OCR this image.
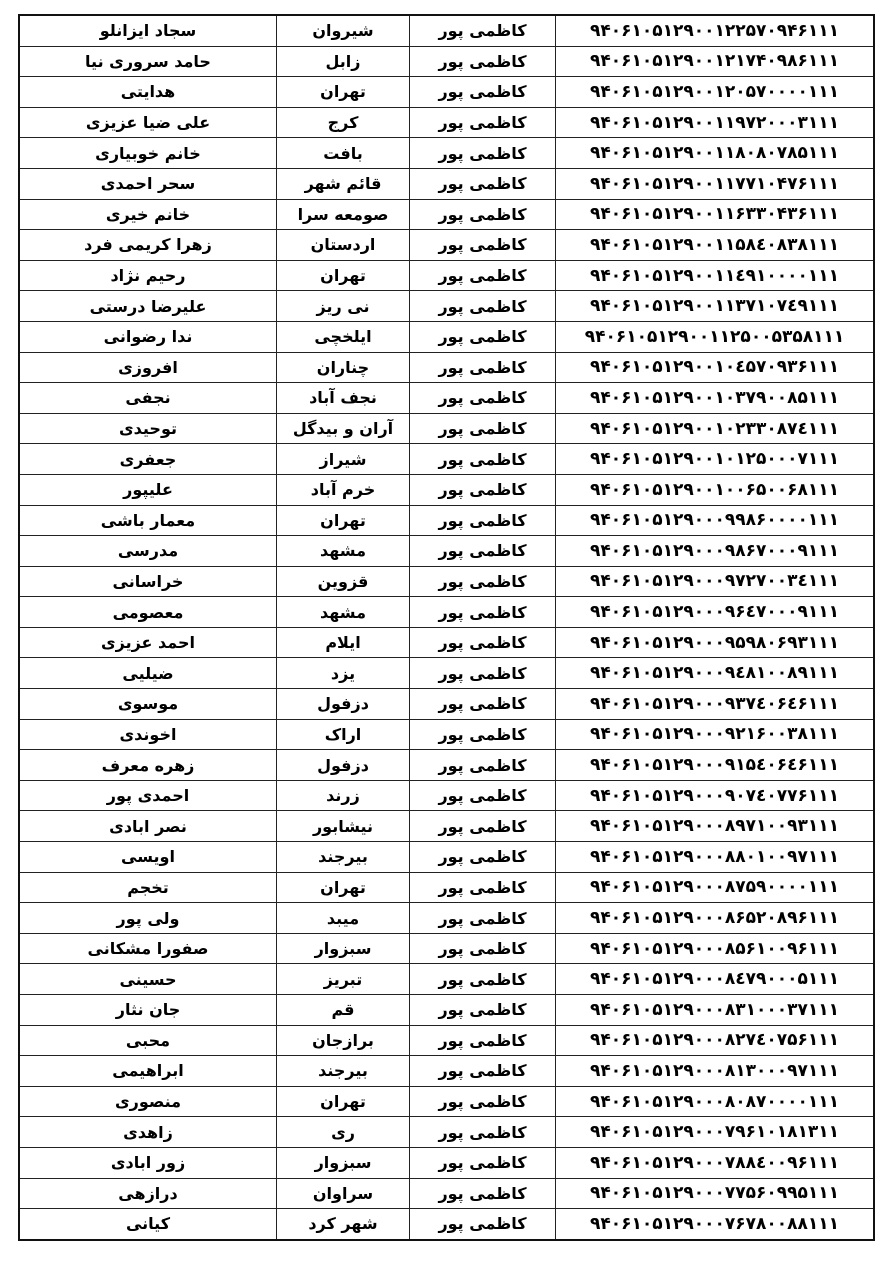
سجاد ایزانلو	شیروان	کاظمی پور	۹۴۰۶۱۰۵۱۲۹۰۰۱۲۲۵۷۰۹۴۶۱۱۱
حامد سروری نیا	زابل	کاظمی پور	۹۴۰۶۱۰۵۱۲۹۰۰۱۲۱۷۴۰۹۸۶۱۱۱
هدایتی	تهران	کاظمی پور	۹۴۰۶۱۰۵۱۲۹۰۰۱۲۰۵۷۰۰۰۰۱۱۱
علی ضیا عزیزی	کرج	کاظمی پور	۹۴۰۶۱۰۵۱۲۹۰۰۱۱۹۷۲۰۰۰۳۱۱۱
خانم خوبیاری	بافت	کاظمی پور	۹۴۰۶۱۰۵۱۲۹۰۰۱۱۸۰۸۰۷۸۵۱۱۱
سحر احمدی	قائم شهر	کاظمی پور	۹۴۰۶۱۰۵۱۲۹۰۰۱۱۷۷۱۰۴۷۶۱۱۱
خانم خیری	صومعه سرا	کاظمی پور	۹۴۰۶۱۰۵۱۲۹۰۰۱۱۶۳۳۰۴۳۶۱۱۱
زهرا کریمی فرد	اردستان	کاظمی پور	۹۴۰۶۱۰۵۱۲۹۰۰۱۱۵۸٤۰۸۳۸۱۱۱
رحیم نژاد	تهران	کاظمی پور	۹۴۰۶۱۰۵۱۲۹۰۰۱۱٤۹۱۰۰۰۰۱۱۱
علیرضا درستی	نی ریز	کاظمی پور	۹۴۰۶۱۰۵۱۲۹۰۰۱۱۳۷۱۰۷٤۹۱۱۱
ندا رضوانی	ایلخچی	کاظمی پور	۹۴۰۶۱۰۵۱۲۹۰۰۱۱۲۵۰۰۵۳۵۸۱۱۱
افروزی	چناران	کاظمی پور	۹۴۰۶۱۰۵۱۲۹۰۰۱۰٤۵۷۰۹۳۶۱۱۱
نجفی	نجف آباد	کاظمی پور	۹۴۰۶۱۰۵۱۲۹۰۰۱۰۳۷۹۰۰۸۵۱۱۱
توحیدی	آران و بیدگل	کاظمی پور	۹۴۰۶۱۰۵۱۲۹۰۰۱۰۲۳۳۰۸۷٤۱۱۱
جعفری	شیراز	کاظمی پور	۹۴۰۶۱۰۵۱۲۹۰۰۱۰۱۲۵۰۰۰۷۱۱۱
علیپور	خرم آباد	کاظمی پور	۹۴۰۶۱۰۵۱۲۹۰۰۱۰۰۶۵۰۰۶۸۱۱۱
معمار باشی	تهران	کاظمی پور	۹۴۰۶۱۰۵۱۲۹۰۰۰۹۹۸۶۰۰۰۰۱۱۱
مدرسی	مشهد	کاظمی پور	۹۴۰۶۱۰۵۱۲۹۰۰۰۹۸۶۷۰۰۰۹۱۱۱
خراسانی	قزوین	کاظمی پور	۹۴۰۶۱۰۵۱۲۹۰۰۰۹۷۲۷۰۰۳٤۱۱۱
معصومی	مشهد	کاظمی پور	۹۴۰۶۱۰۵۱۲۹۰۰۰۹۶٤۷۰۰۰۹۱۱۱
احمد عزیزی	ایلام	کاظمی پور	۹۴۰۶۱۰۵۱۲۹۰۰۰۹۵۹۸۰۶۹۳۱۱۱
ضیلیی	یزد	کاظمی پور	۹۴۰۶۱۰۵۱۲۹۰۰۰۹٤۸۱۰۰۸۹۱۱۱
موسوی	دزفول	کاظمی پور	۹۴۰۶۱۰۵۱۲۹۰۰۰۹۳۷٤۰۶٤۶۱۱۱
اخوندی	اراک	کاظمی پور	۹۴۰۶۱۰۵۱۲۹۰۰۰۹۲۱۶۰۰۳۸۱۱۱
زهره معرف	دزفول	کاظمی پور	۹۴۰۶۱۰۵۱۲۹۰۰۰۹۱۵٤۰۶٤۶۱۱۱
احمدی پور	زرند	کاظمی پور	۹۴۰۶۱۰۵۱۲۹۰۰۰۹۰۷٤۰۷۷۶۱۱۱
نصر ابادی	نیشابور	کاظمی پور	۹۴۰۶۱۰۵۱۲۹۰۰۰۸۹۷۱۰۰۹۳۱۱۱
اویسی	بیرجند	کاظمی پور	۹۴۰۶۱۰۵۱۲۹۰۰۰۸۸۰۱۰۰۹۷۱۱۱
تخجم	تهران	کاظمی پور	۹۴۰۶۱۰۵۱۲۹۰۰۰۸۷۵۹۰۰۰۰۱۱۱
ولی پور	میبد	کاظمی پور	۹۴۰۶۱۰۵۱۲۹۰۰۰۸۶۵۲۰۸۹۶۱۱۱
صفورا مشکانی	سبزوار	کاظمی پور	۹۴۰۶۱۰۵۱۲۹۰۰۰۸۵۶۱۰۰۹۶۱۱۱
حسینی	تبریز	کاظمی پور	۹۴۰۶۱۰۵۱۲۹۰۰۰۸٤۷۹۰۰۰۵۱۱۱
جان نثار	قم	کاظمی پور	۹۴۰۶۱۰۵۱۲۹۰۰۰۸۳۱۰۰۰۳۷۱۱۱
محبی	برازجان	کاظمی پور	۹۴۰۶۱۰۵۱۲۹۰۰۰۸۲۷٤۰۷۵۶۱۱۱
ابراهیمی	بیرجند	کاظمی پور	۹۴۰۶۱۰۵۱۲۹۰۰۰۸۱۳۰۰۰۹۷۱۱۱
منصوری	تهران	کاظمی پور	۹۴۰۶۱۰۵۱۲۹۰۰۰۸۰۸۷۰۰۰۰۱۱۱
زاهدی	ری	کاظمی پور	۹۴۰۶۱۰۵۱۲۹۰۰۰۷۹۶۱۰۱۸۱۳۱۱
زور ابادی	سبزوار	کاظمی پور	۹۴۰۶۱۰۵۱۲۹۰۰۰۷۸۸٤۰۰۹۶۱۱۱
درازهی	سراوان	کاظمی پور	۹۴۰۶۱۰۵۱۲۹۰۰۰۷۷۵۶۰۹۹۵۱۱۱
کیانی	شهر کرد	کاظمی پور	۹۴۰۶۱۰۵۱۲۹۰۰۰۷۶۷۸۰۰۸۸۱۱۱
